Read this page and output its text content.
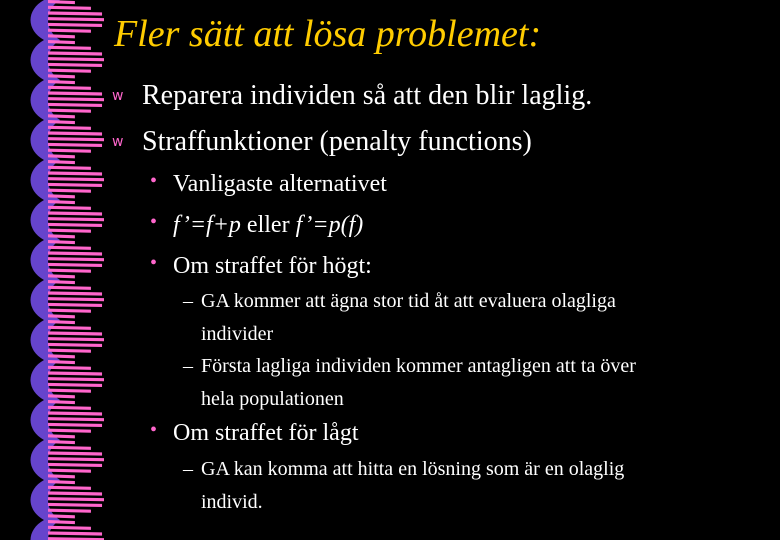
Fler sätt att lösa problemet:
w Reparera individen så att den blir laglig.
w Straffunktioner (penalty functions)
• Vanligaste alternativet
• f’=f+p eller f’=p(f)
• Om straffet för högt:
– GA kommer att ägna stor tid åt att evaluera olagliga
individer
– Första lagliga individen kommer antagligen att ta över
hela populationen
• Om straffet för lågt
– GA kan komma att hitta en lösning som är en olaglig
individ.
